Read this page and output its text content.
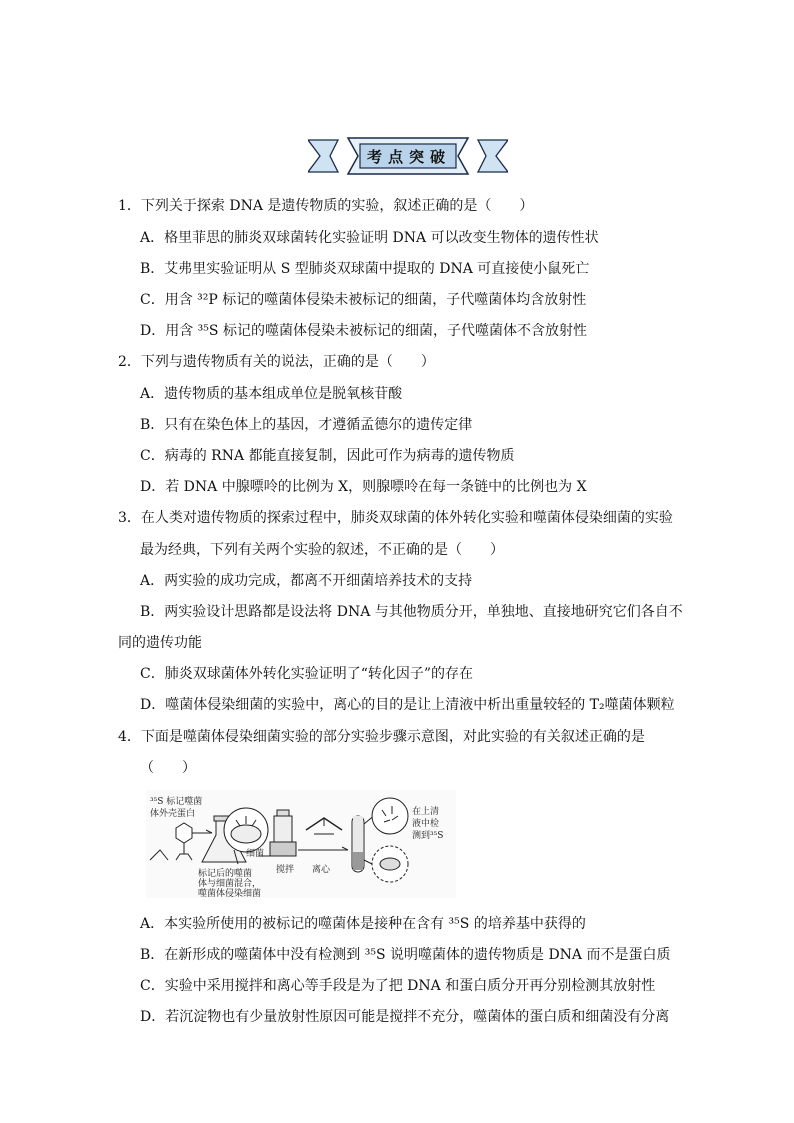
考点突破
1．下列关于探索 DNA 是遗传物质的实验，叙述正确的是（　　）
A．格里菲思的肺炎双球菌转化实验证明 DNA 可以改变生物体的遗传性状
B．艾弗里实验证明从 S 型肺炎双球菌中提取的 DNA 可直接使小鼠死亡
C．用含 ³²P 标记的噬菌体侵染未被标记的细菌，子代噬菌体均含放射性
D．用含 ³⁵S 标记的噬菌体侵染未被标记的细菌，子代噬菌体不含放射性
2．下列与遗传物质有关的说法，正确的是（　　）
A．遗传物质的基本组成单位是脱氧核苷酸
B．只有在染色体上的基因，才遵循孟德尔的遗传定律
C．病毒的 RNA 都能直接复制，因此可作为病毒的遗传物质
D．若 DNA 中腺嘌呤的比例为 X，则腺嘌呤在每一条链中的比例也为 X
3．在人类对遗传物质的探索过程中，肺炎双球菌的体外转化实验和噬菌体侵染细菌的实验
最为经典，下列有关两个实验的叙述，不正确的是（　　）
A．两实验的成功完成，都离不开细菌培养技术的支持
B．两实验设计思路都是设法将 DNA 与其他物质分开，单独地、直接地研究它们各自不
同的遗传功能
C．肺炎双球菌体外转化实验证明了“转化因子”的存在
D．噬菌体侵染细菌的实验中，离心的目的是让上清液中析出重量较轻的 T₂噬菌体颗粒
4．下面是噬菌体侵染细菌实验的部分实验步骤示意图，对此实验的有关叙述正确的是
（　　）
³⁵S 标记噬菌
体外壳蛋白
细菌
标记后的噬菌
体与细菌混合，
噬菌体侵染细菌
搅拌 离心
在上清
液中检
测到³⁵S
A．本实验所使用的被标记的噬菌体是接种在含有 ³⁵S 的培养基中获得的
B．在新形成的噬菌体中没有检测到 ³⁵S 说明噬菌体的遗传物质是 DNA 而不是蛋白质
C．实验中采用搅拌和离心等手段是为了把 DNA 和蛋白质分开再分别检测其放射性
D．若沉淀物也有少量放射性原因可能是搅拌不充分，噬菌体的蛋白质和细菌没有分离
